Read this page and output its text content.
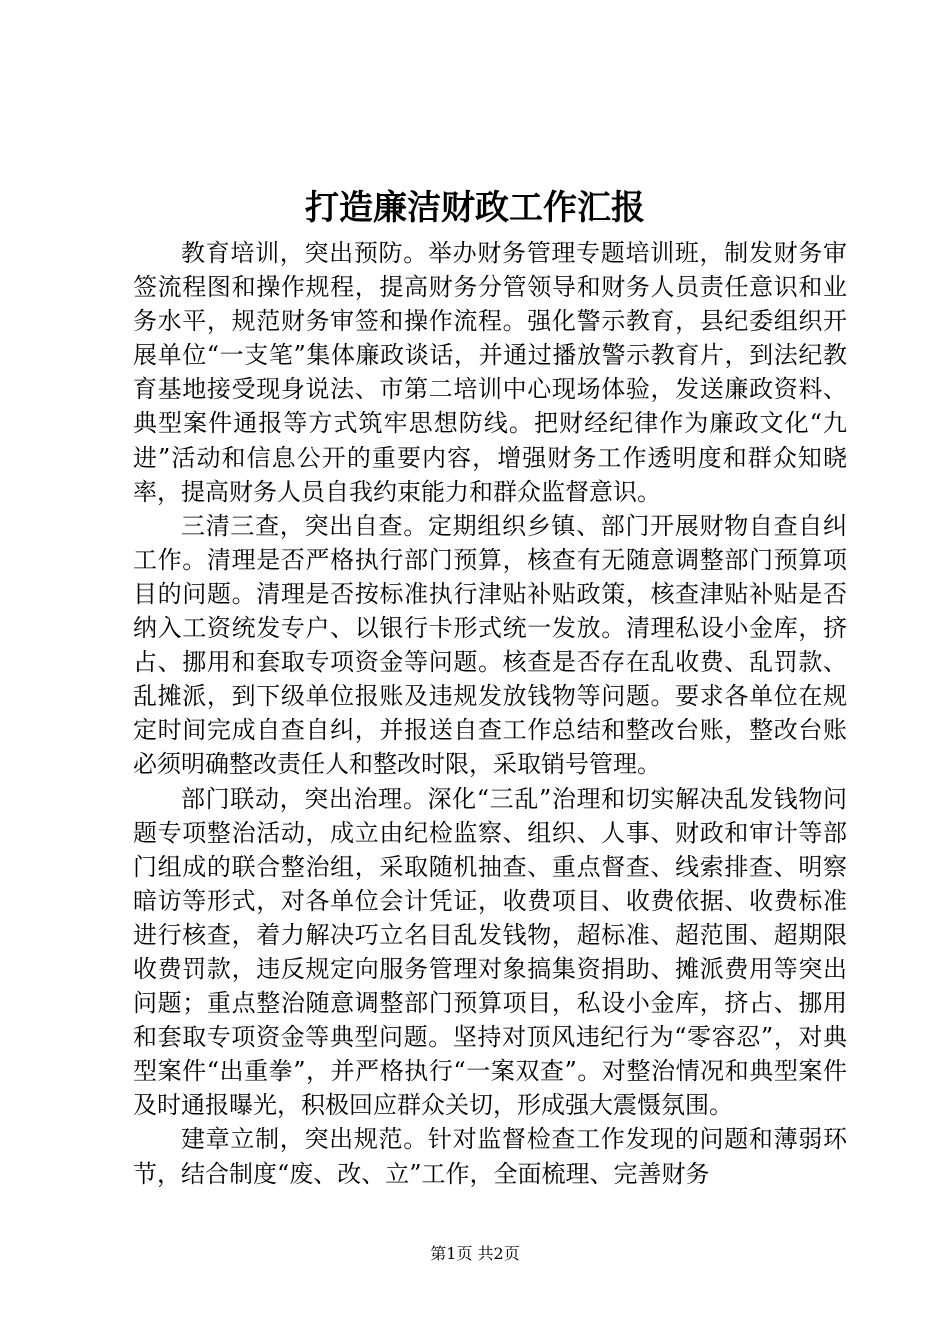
打造廉洁财政工作汇报

教育培训，突出预防。举办财务管理专题培训班，制发财务审签流程图和操作规程，提高财务分管领导和财务人员责任意识和业务水平，规范财务审签和操作流程。强化警示教育，县纪委组织开展单位“一支笔”集体廉政谈话，并通过播放警示教育片，到法纪教育基地接受现身说法、市第二培训中心现场体验，发送廉政资料、典型案件通报等方式筑牢思想防线。把财经纪律作为廉政文化“九进”活动和信息公开的重要内容，增强财务工作透明度和群众知晓率，提高财务人员自我约束能力和群众监督意识。

三清三查，突出自查。定期组织乡镇、部门开展财物自查自纠工作。清理是否严格执行部门预算，核查有无随意调整部门预算项目的问题。清理是否按标准执行津贴补贴政策，核查津贴补贴是否纳入工资统发专户、以银行卡形式统一发放。清理私设小金库，挤占、挪用和套取专项资金等问题。核查是否存在乱收费、乱罚款、乱摊派，到下级单位报账及违规发放钱物等问题。要求各单位在规定时间完成自查自纠，并报送自查工作总结和整改台账，整改台账必须明确整改责任人和整改时限，采取销号管理。

部门联动，突出治理。深化“三乱”治理和切实解决乱发钱物问题专项整治活动，成立由纪检监察、组织、人事、财政和审计等部门组成的联合整治组，采取随机抽查、重点督查、线索排查、明察暗访等形式，对各单位会计凭证，收费项目、收费依据、收费标准进行核查，着力解决巧立名目乱发钱物，超标准、超范围、超期限收费罚款，违反规定向服务管理对象搞集资捐助、摊派费用等突出问题；重点整治随意调整部门预算项目，私设小金库，挤占、挪用和套取专项资金等典型问题。坚持对顶风违纪行为“零容忍”，对典型案件“出重拳”，并严格执行“一案双查”。对整治情况和典型案件及时通报曝光，积极回应群众关切，形成强大震慑氛围。

建章立制，突出规范。针对监督检查工作发现的问题和薄弱环节，结合制度“废、改、立”工作，全面梳理、完善财务

第1页 共2页
